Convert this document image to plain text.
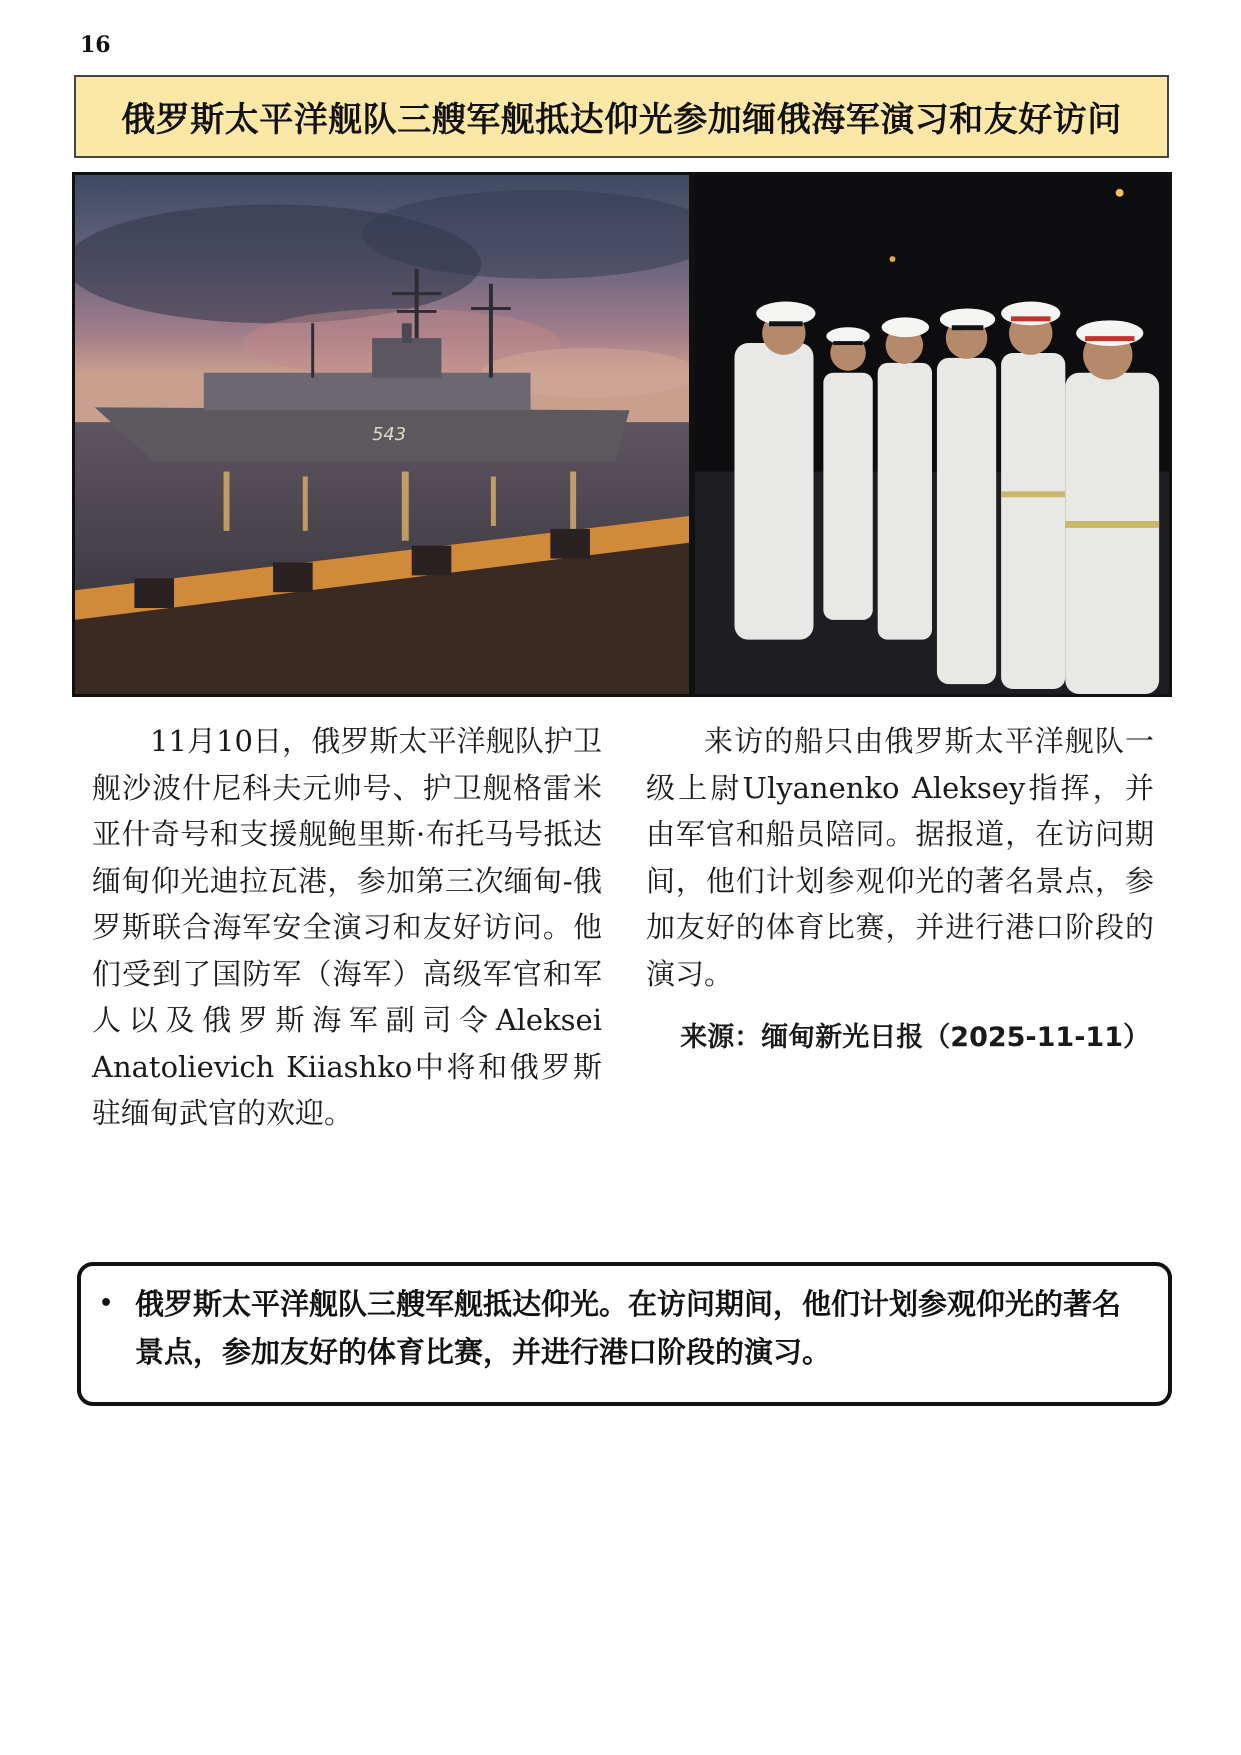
16
俄罗斯太平洋舰队三艘军舰抵达仰光参加缅俄海军演习和友好访问
543

11月10日，俄罗斯太平洋舰队护卫舰沙波什尼科夫元帅号、护卫舰格雷米亚什奇号和支援舰鲍里斯·布托马号抵达缅甸仰光迪拉瓦港，参加第三次缅甸-俄罗斯联合海军安全演习和友好访问。他们受到了国防军（海军）高级军官和军人以及俄罗斯海军副司令Aleksei Anatolievich Kiiashko中将和俄罗斯驻缅甸武官的欢迎。

来访的船只由俄罗斯太平洋舰队一级上尉Ulyanenko Aleksey指挥，并由军官和船员陪同。据报道，在访问期间，他们计划参观仰光的著名景点，参加友好的体育比赛，并进行港口阶段的演习。

来源：缅甸新光日报（2025-11-11）

• 俄罗斯太平洋舰队三艘军舰抵达仰光。在访问期间，他们计划参观仰光的著名景点，参加友好的体育比赛，并进行港口阶段的演习。
